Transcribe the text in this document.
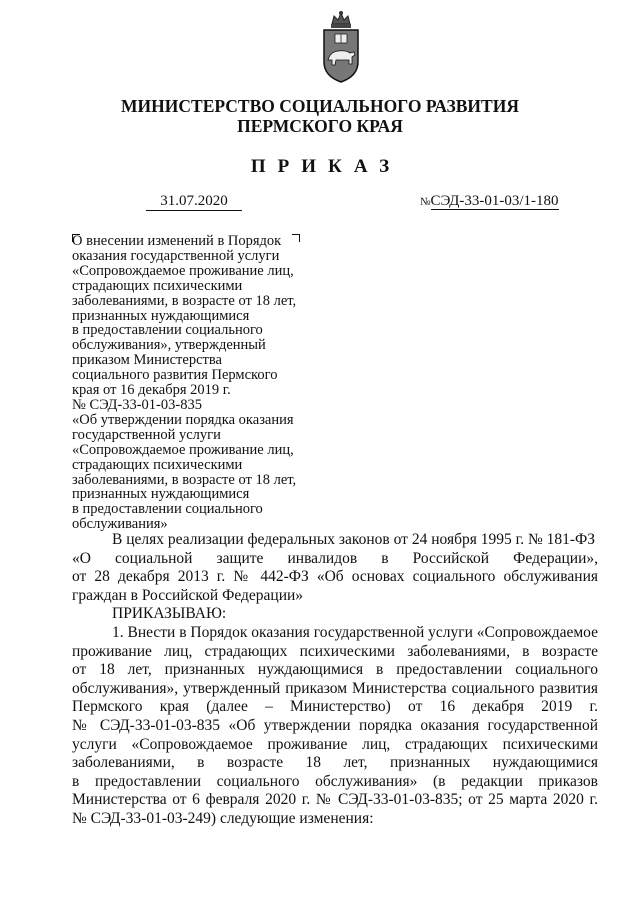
МИНИСТЕРСТВО СОЦИАЛЬНОГО РАЗВИТИЯ
ПЕРМСКОГО КРАЯ
ПРИКАЗ
31.07.2020	№СЭД-33-01-03/1-180
О внесении изменений в Порядок
оказания государственной услуги
«Сопровождаемое проживание лиц,
страдающих психическими
заболеваниями, в возрасте от 18 лет,
признанных нуждающимися
в предоставлении социального
обслуживания», утвержденный
приказом Министерства
социального развития Пермского
края от 16 декабря 2019 г.
№ СЭД-33-01-03-835
«Об утверждении порядка оказания
государственной услуги
«Сопровождаемое проживание лиц,
страдающих психическими
заболеваниями, в возрасте от 18 лет,
признанных нуждающимися
в предоставлении социального
обслуживания»
В целях реализации федеральных законов от 24 ноября 1995 г. № 181-ФЗ
«О социальной защите инвалидов в Российской Федерации»,
от 28 декабря 2013 г. № 442-ФЗ «Об основах социального обслуживания
граждан в Российской Федерации»
ПРИКАЗЫВАЮ:
1. Внести в Порядок оказания государственной услуги «Сопровождаемое
проживание лиц, страдающих психическими заболеваниями, в возрасте
от 18 лет, признанных нуждающимися в предоставлении социального
обслуживания», утвержденный приказом Министерства социального развития
Пермского края (далее – Министерство) от 16 декабря 2019 г.
№ СЭД-33-01-03-835 «Об утверждении порядка оказания государственной
услуги «Сопровождаемое проживание лиц, страдающих психическими
заболеваниями, в возрасте 18 лет, признанных нуждающимися
в предоставлении социального обслуживания» (в редакции приказов
Министерства от 6 февраля 2020 г. № СЭД-33-01-03-835; от 25 марта 2020 г.
№ СЭД-33-01-03-249) следующие изменения:
